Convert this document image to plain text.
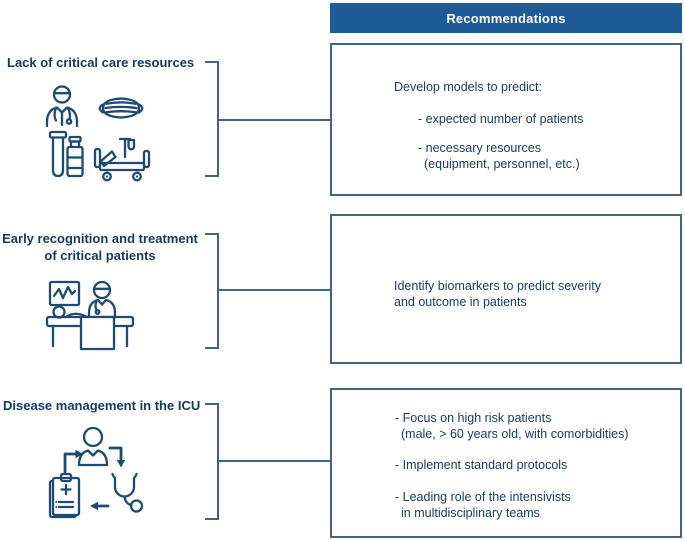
Recommendations
Lack of critical care resources

Develop models to predict:

- expected number of patients

- necessary resources

(equipment, personnel, etc.)

Early recognition and treatment
of critical patients

Identify biomarkers to predict severity

and outcome in patients

Disease management in the ICU

- Focus on high risk patients

(male, > 60 years old, with comorbidities)

- Implement standard protocols

- Leading role of the intensivists

in multidisciplinary teams
